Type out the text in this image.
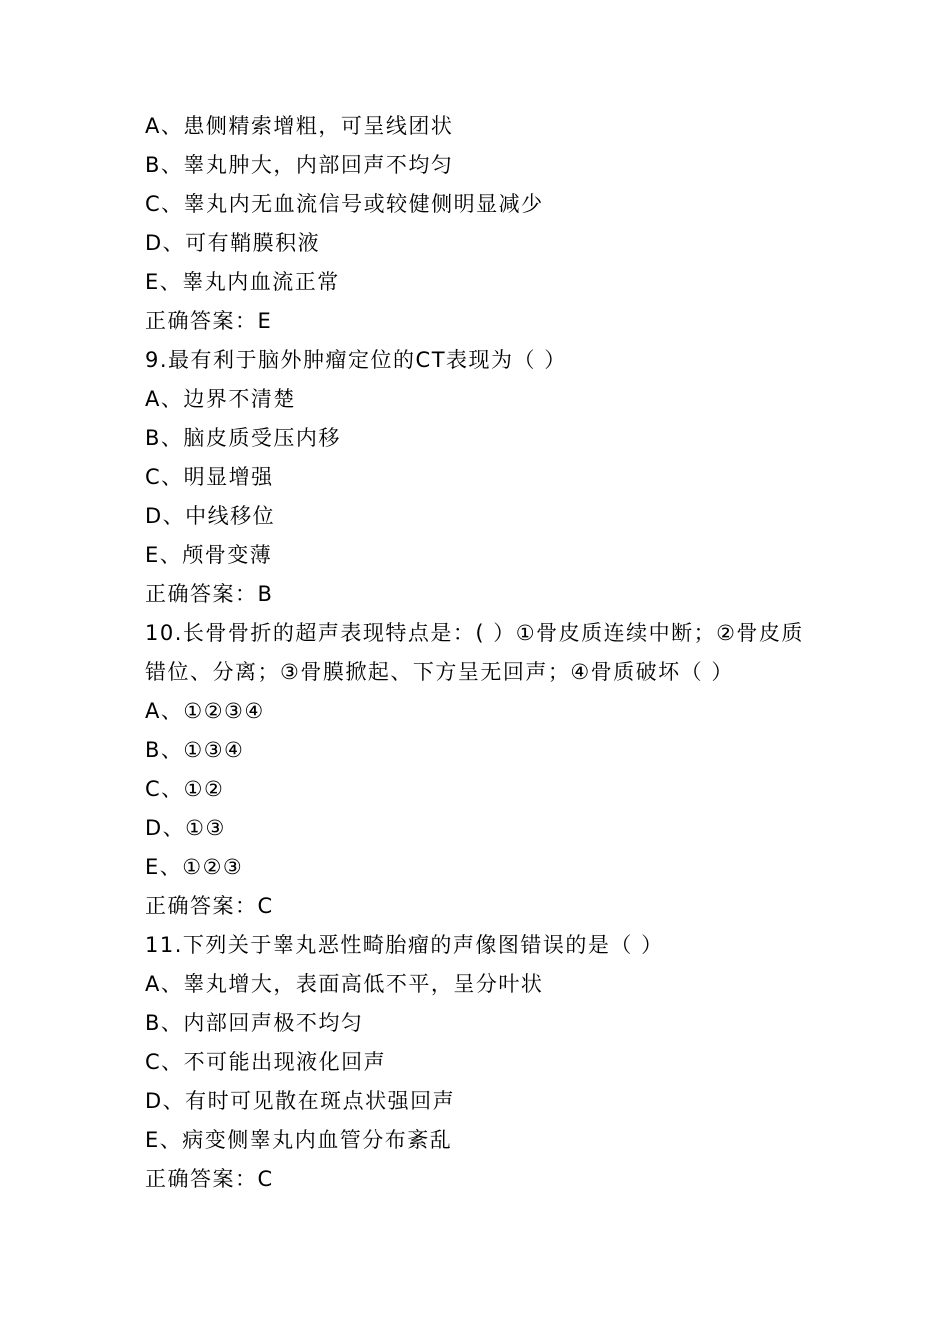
A、患侧精索增粗，可呈线团状
B、睾丸肿大，内部回声不均匀
C、睾丸内无血流信号或较健侧明显减少
D、可有鞘膜积液
E、睾丸内血流正常
正确答案：E
9.最有利于脑外肿瘤定位的CT表现为（ ）
A、边界不清楚
B、脑皮质受压内移
C、明显增强
D、中线移位
E、颅骨变薄
正确答案：B
10.长骨骨折的超声表现特点是：( ）①骨皮质连续中断；②骨皮质
错位、分离；③骨膜掀起、下方呈无回声；④骨质破坏（ ）
A、①②③④
B、①③④
C、①②
D、①③
E、①②③
正确答案：C
11.下列关于睾丸恶性畸胎瘤的声像图错误的是（ ）
A、睾丸增大，表面高低不平，呈分叶状
B、内部回声极不均匀
C、不可能出现液化回声
D、有时可见散在斑点状强回声
E、病变侧睾丸内血管分布紊乱
正确答案：C
